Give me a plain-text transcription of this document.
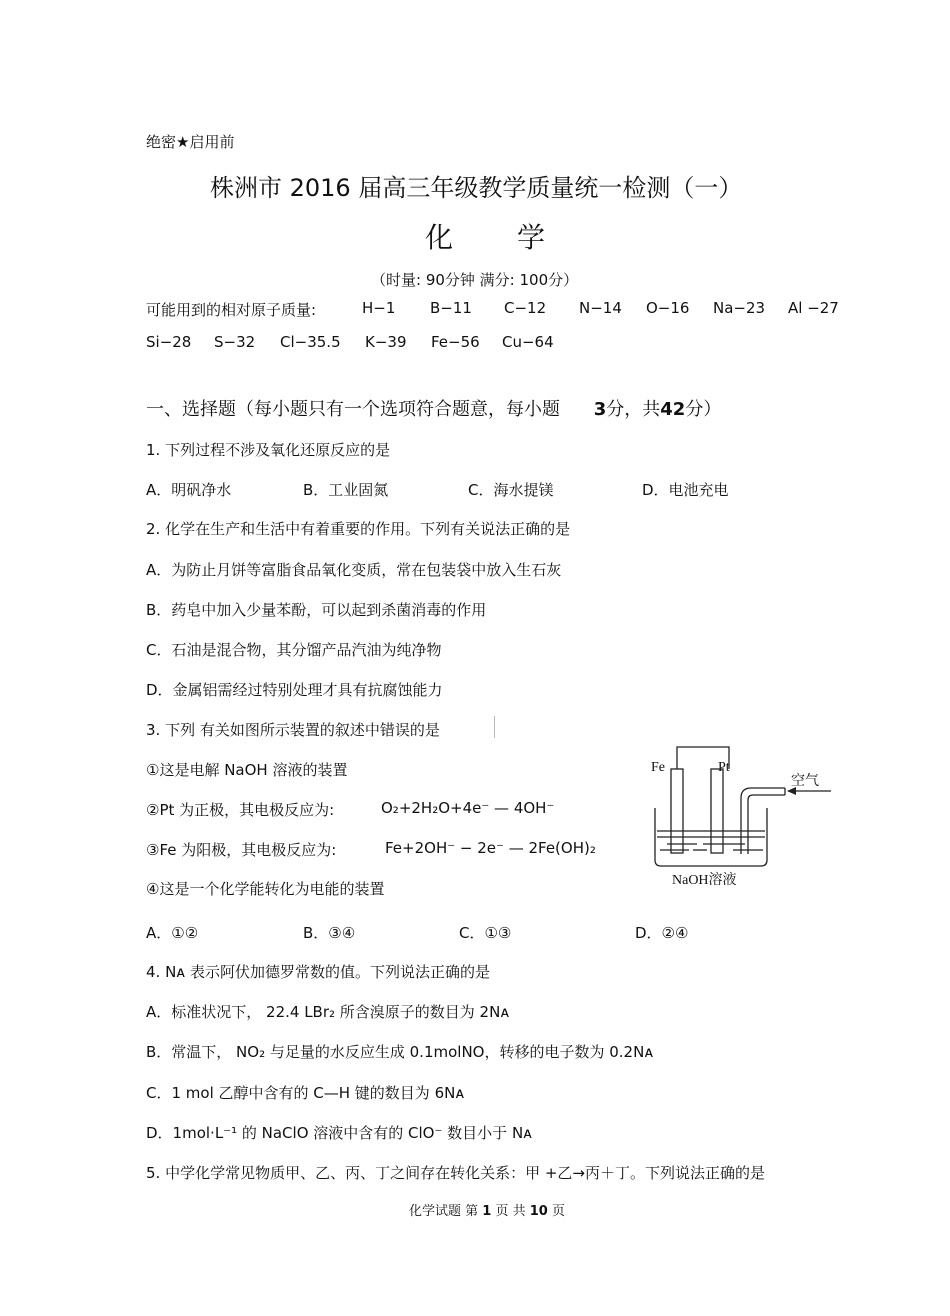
绝密★启用前
株洲市 2016 届高三年级教学质量统一检测（一）
化 学
（时量: 90分钟 满分: 100分）
可能用到的相对原子质量:	H−1 B−11 C−12 N−14 O−16 Na−23 Al −27
Si−28 S−32 Cl−35.5 K−39 Fe−56 Cu−64
一、选择题（每小题只有一个选项符合题意，每小题 3分，共42分）
1. 下列过程不涉及氧化还原反应的是
A．明矾净水	B．工业固氮	C．海水提镁	D．电池充电
2. 化学在生产和生活中有着重要的作用。下列有关说法正确的是
A．为防止月饼等富脂食品氧化变质，常在包装袋中放入生石灰
B．药皂中加入少量苯酚，可以起到杀菌消毒的作用
C．石油是混合物，其分馏产品汽油为纯净物
D．金属铝需经过特别处理才具有抗腐蚀能力
3. 下列 有关如图所示装置的叙述中错误的是
①这是电解 NaOH 溶液的装置
②Pt 为正极，其电极反应为:	O₂+2H₂O+4e⁻ — 4OH⁻
③Fe 为阳极，其电极反应为:	Fe+2OH⁻ − 2e⁻ — 2Fe(OH)₂
④这是一个化学能转化为电能的装置
Fe	Pt
空气
NaOH溶液
A．①②	B．③④	C．①③	D．②④
4. Nᴀ 表示阿伏加德罗常数的值。下列说法正确的是
A．标准状况下， 22.4 LBr₂ 所含溴原子的数目为 2Nᴀ
B．常温下， NO₂ 与足量的水反应生成 0.1molNO，转移的电子数为 0.2Nᴀ
C．1 mol 乙醇中含有的 C—H 键的数目为 6Nᴀ
D．1mol·L⁻¹ 的 NaClO 溶液中含有的 ClO⁻ 数目小于 Nᴀ
5. 中学化学常见物质甲、乙、丙、丁之间存在转化关系：甲 +乙→丙＋丁。下列说法正确的是
化学试题 第 1 页 共 10 页
